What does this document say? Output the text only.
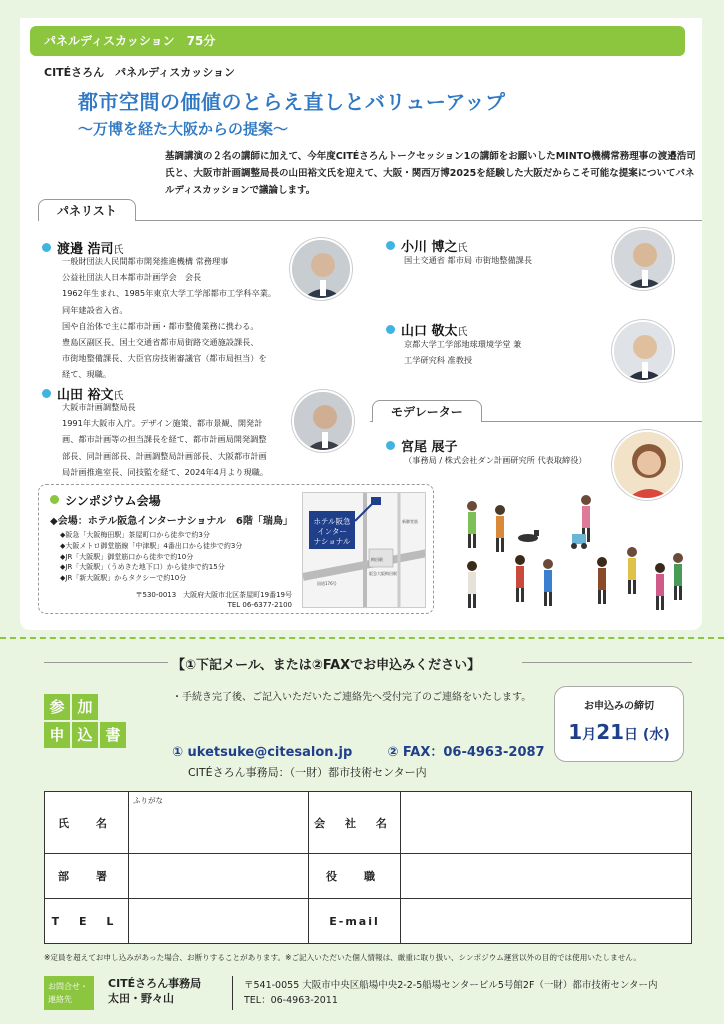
パネルディスカッション　75分
CITÉさろん　パネルディスカッション
都市空間の価値のとらえ直しとバリューアップ
～万博を経た大阪からの提案～
基調講演の２名の講師に加えて、今年度CITÉさろんトークセッション1の講師をお願いしたMINTO機構常務理事の渡邉浩司氏と、大阪市計画調整局長の山田裕文氏を迎えて、大阪・関西万博2025を経験した大阪だからこそ可能な提案についてパネルディスカッションで議論します。
パネリスト
渡邉 浩司氏
一般財団法人民間都市開発推進機構 常務理事
公益社団法人日本都市計画学会　会長
1962年生まれ、1985年東京大学工学部都市工学科卒業。
同年建設省入省。
国や自治体で主に都市計画・都市整備業務に携わる。
豊島区副区長、国土交通省都市局街路交通施設課長、
市街地整備課長、大臣官房技術審議官（都市局担当）を
経て、現職。
山田 裕文氏
大阪市計画調整局長
1991年大阪市入庁。デザイン施策、都市景観、開発計
画、都市計画等の担当課長を経て、都市計画局開発調整
部長、同計画部長、計画調整局計画部長、大阪都市計画
局計画推進室長、同技監を経て、2024年4月より現職。
小川 博之氏
国土交通省 都市局 市街地整備課長
山口 敬太氏
京都大学工学部地球環境学堂 兼
工学研究科 准教授
モデレーター
宮尾 展子
（事務局 / 株式会社ダン計画研究所 代表取締役）
シンポジウム会場
◆会場：ホテル阪急インターナショナル　6階「瑞鳥」
◆阪急「大阪梅田駅」茶屋町口から徒歩で約3分
◆大阪メトロ御堂筋線「中津駅」4番出口から徒歩で約3分
◆JR「大阪駅」御堂筋口から徒歩で約10分
◆JR「大阪駅」（うめきた地下口）から徒歩で約15分
◆JR「新大阪駅」からタクシーで約10分
〒530-0013　大阪府大阪市北区茶屋町19番19号
TEL 06-6377-2100
ホテル阪急
インター
ナショナル
梅田駅
新御堂筋
阪急大阪梅田駅
国道176号
【①下記メール、または②FAXでお申込みください】
参 加
申 込 書
・手続き完了後、ご記入いただいたご連絡先へ受付完了のご連絡をいたします。
お申込みの締切
1月21日 (水)
① uketsuke@citesalon.jp	② FAX：06-4963-2087
CITÉさろん事務局：（一財）都市技術センター内
氏　名	ふりがな	会 社 名	
部　署		役　職	
T E L		E-mail	
※定員を超えてお申し込みがあった場合、お断りすることがあります。※ご記入いただいた個人情報は、厳重に取り扱い、シンポジウム運営以外の目的では使用いたしません。
お問合せ・連絡先
CITÉさろん事務局
太田・野々山
〒541-0055 大阪市中央区船場中央2-2-5船場センタービル5号館2F（一財）都市技術センター内
TEL：06-4963-2011
